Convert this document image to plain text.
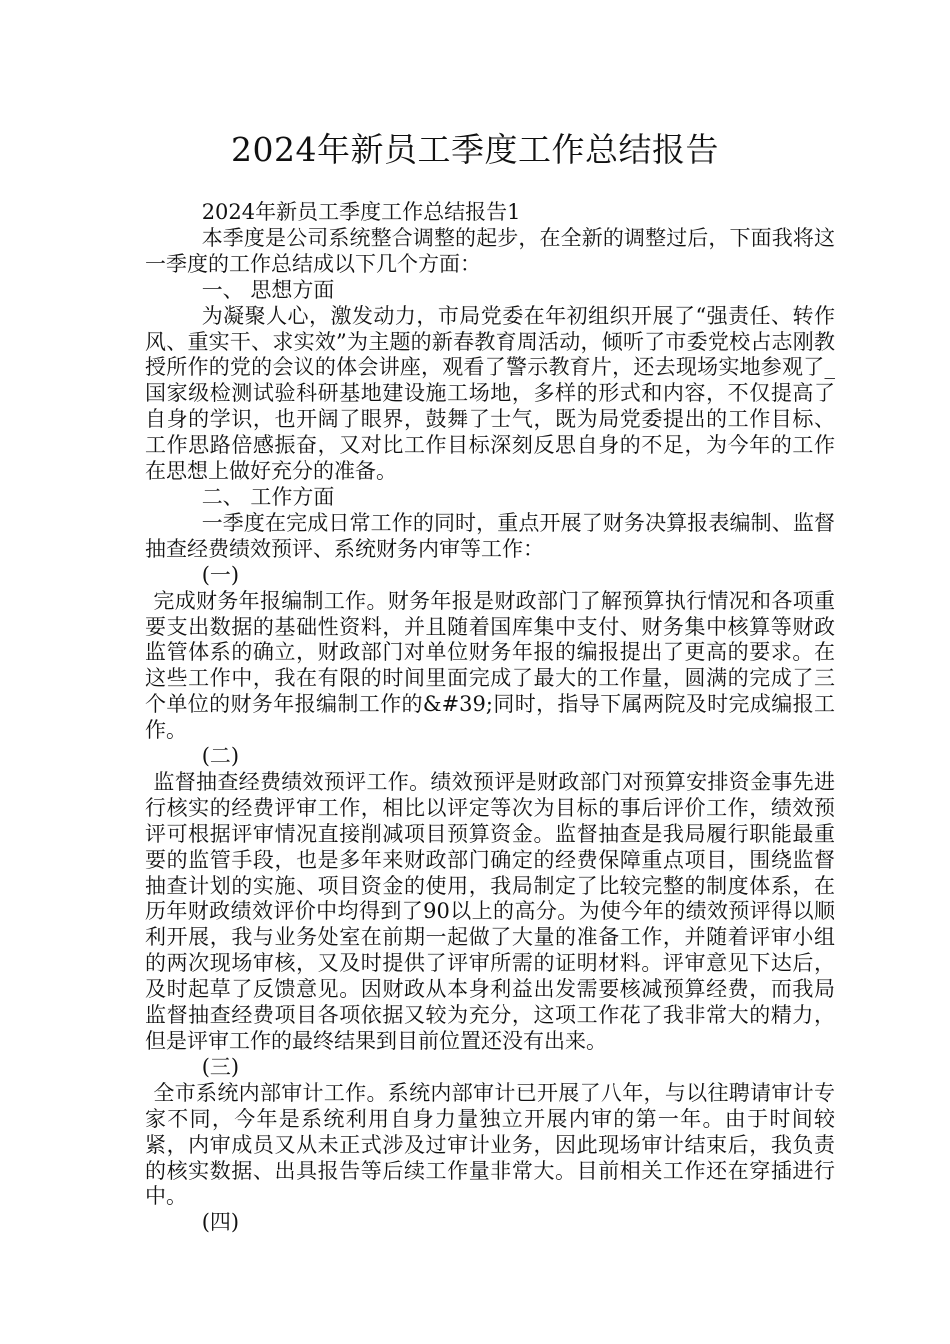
2024年新员工季度工作总结报告

2024年新员工季度工作总结报告1

本季度是公司系统整合调整的起步，在全新的调整过后，下面我将这一季度的工作总结成以下几个方面：

一、 思想方面

为凝聚人心，激发动力，市局党委在年初组织开展了“强责任、转作风、重实干、求实效”为主题的新春教育周活动，倾听了市委党校占志刚教授所作的党的会议的体会讲座，观看了警示教育片，还去现场实地参观了_国家级检测试验科研基地建设施工场地，多样的形式和内容，不仅提高了自身的学识，也开阔了眼界，鼓舞了士气，既为局党委提出的工作目标、工作思路倍感振奋，又对比工作目标深刻反思自身的不足，为今年的工作在思想上做好充分的准备。

二、 工作方面

一季度在完成日常工作的同时，重点开展了财务决算报表编制、监督抽查经费绩效预评、系统财务内审等工作：

(一)

完成财务年报编制工作。财务年报是财政部门了解预算执行情况和各项重要支出数据的基础性资料，并且随着国库集中支付、财务集中核算等财政监管体系的确立，财政部门对单位财务年报的编报提出了更高的要求。在这些工作中，我在有限的时间里面完成了最大的工作量，圆满的完成了三个单位的财务年报编制工作的&#39;同时，指导下属两院及时完成编报工作。

(二)

监督抽查经费绩效预评工作。绩效预评是财政部门对预算安排资金事先进行核实的经费评审工作，相比以评定等次为目标的事后评价工作，绩效预评可根据评审情况直接削减项目预算资金。监督抽查是我局履行职能最重要的监管手段，也是多年来财政部门确定的经费保障重点项目，围绕监督抽查计划的实施、项目资金的使用，我局制定了比较完整的制度体系，在历年财政绩效评价中均得到了90以上的高分。为使今年的绩效预评得以顺利开展，我与业务处室在前期一起做了大量的准备工作，并随着评审小组的两次现场审核，又及时提供了评审所需的证明材料。评审意见下达后，及时起草了反馈意见。因财政从本身利益出发需要核减预算经费，而我局监督抽查经费项目各项依据又较为充分，这项工作花了我非常大的精力，但是评审工作的最终结果到目前位置还没有出来。

(三)

全市系统内部审计工作。系统内部审计已开展了八年，与以往聘请审计专家不同，今年是系统利用自身力量独立开展内审的第一年。由于时间较紧，内审成员又从未正式涉及过审计业务，因此现场审计结束后，我负责的核实数据、出具报告等后续工作量非常大。目前相关工作还在穿插进行中。

(四)
